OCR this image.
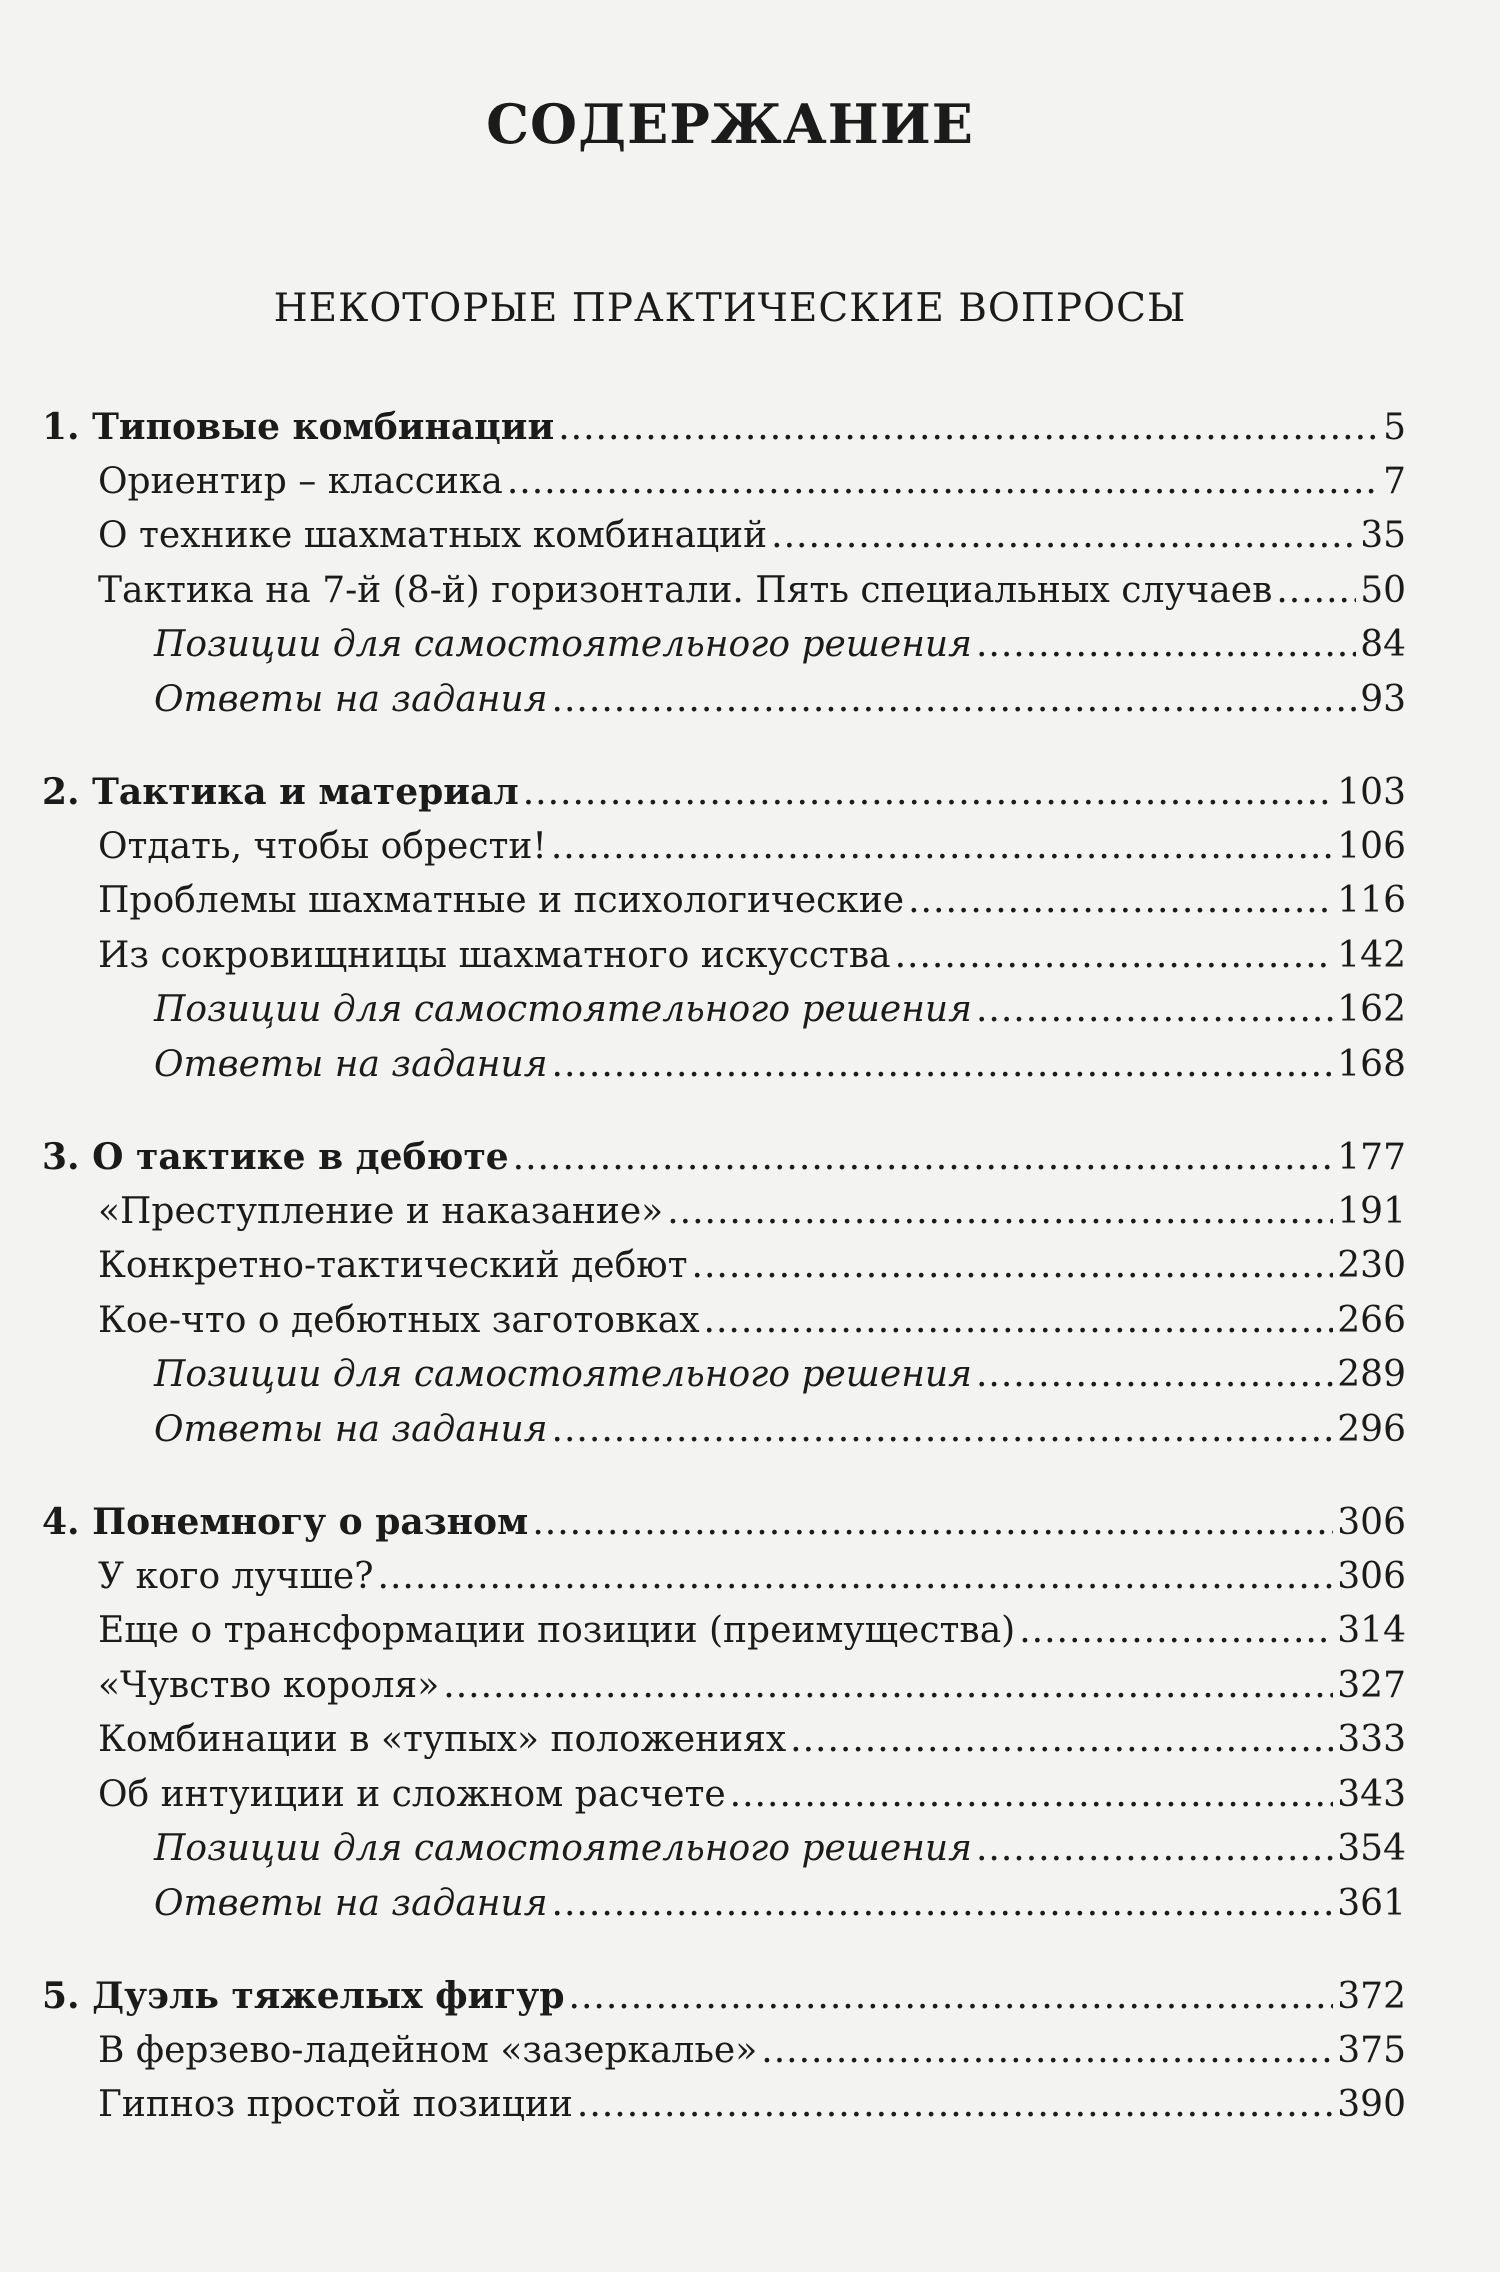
СОДЕРЖАНИЕ
НЕКОТОРЫЕ ПРАКТИЧЕСКИЕ ВОПРОСЫ
1. Типовые комбинации .....	5
Ориентир – классика .....	7
О технике шахматных комбинаций .....	35
Тактика на 7-й (8-й) горизонтали. Пять специальных случаев ..... 50
Позиции для самостоятельного решения .....	84
Ответы на задания .....	93
2. Тактика и материал .....	103
Отдать, чтобы обрести! .....	106
Проблемы шахматные и психологические .....	116
Из сокровищницы шахматного искусства .....	142
Позиции для самостоятельного решения .....	162
Ответы на задания .....	168
3. О тактике в дебюте .....	177
«Преступление и наказание» .....	191
Конкретно-тактический дебют .....	230
Кое-что о дебютных заготовках .....	266
Позиции для самостоятельного решения .....	289
Ответы на задания .....	296
4. Понемногу о разном .....	306
У кого лучше? .....	306
Еще о трансформации позиции (преимущества) .....	314
«Чувство короля» .....	327
Комбинации в «тупых» положениях .....	333
Об интуиции и сложном расчете .....	343
Позиции для самостоятельного решения .....	354
Ответы на задания .....	361
5. Дуэль тяжелых фигур .....	372
В ферзево-ладейном «зазеркалье» .....	375
Гипноз простой позиции .....	390
